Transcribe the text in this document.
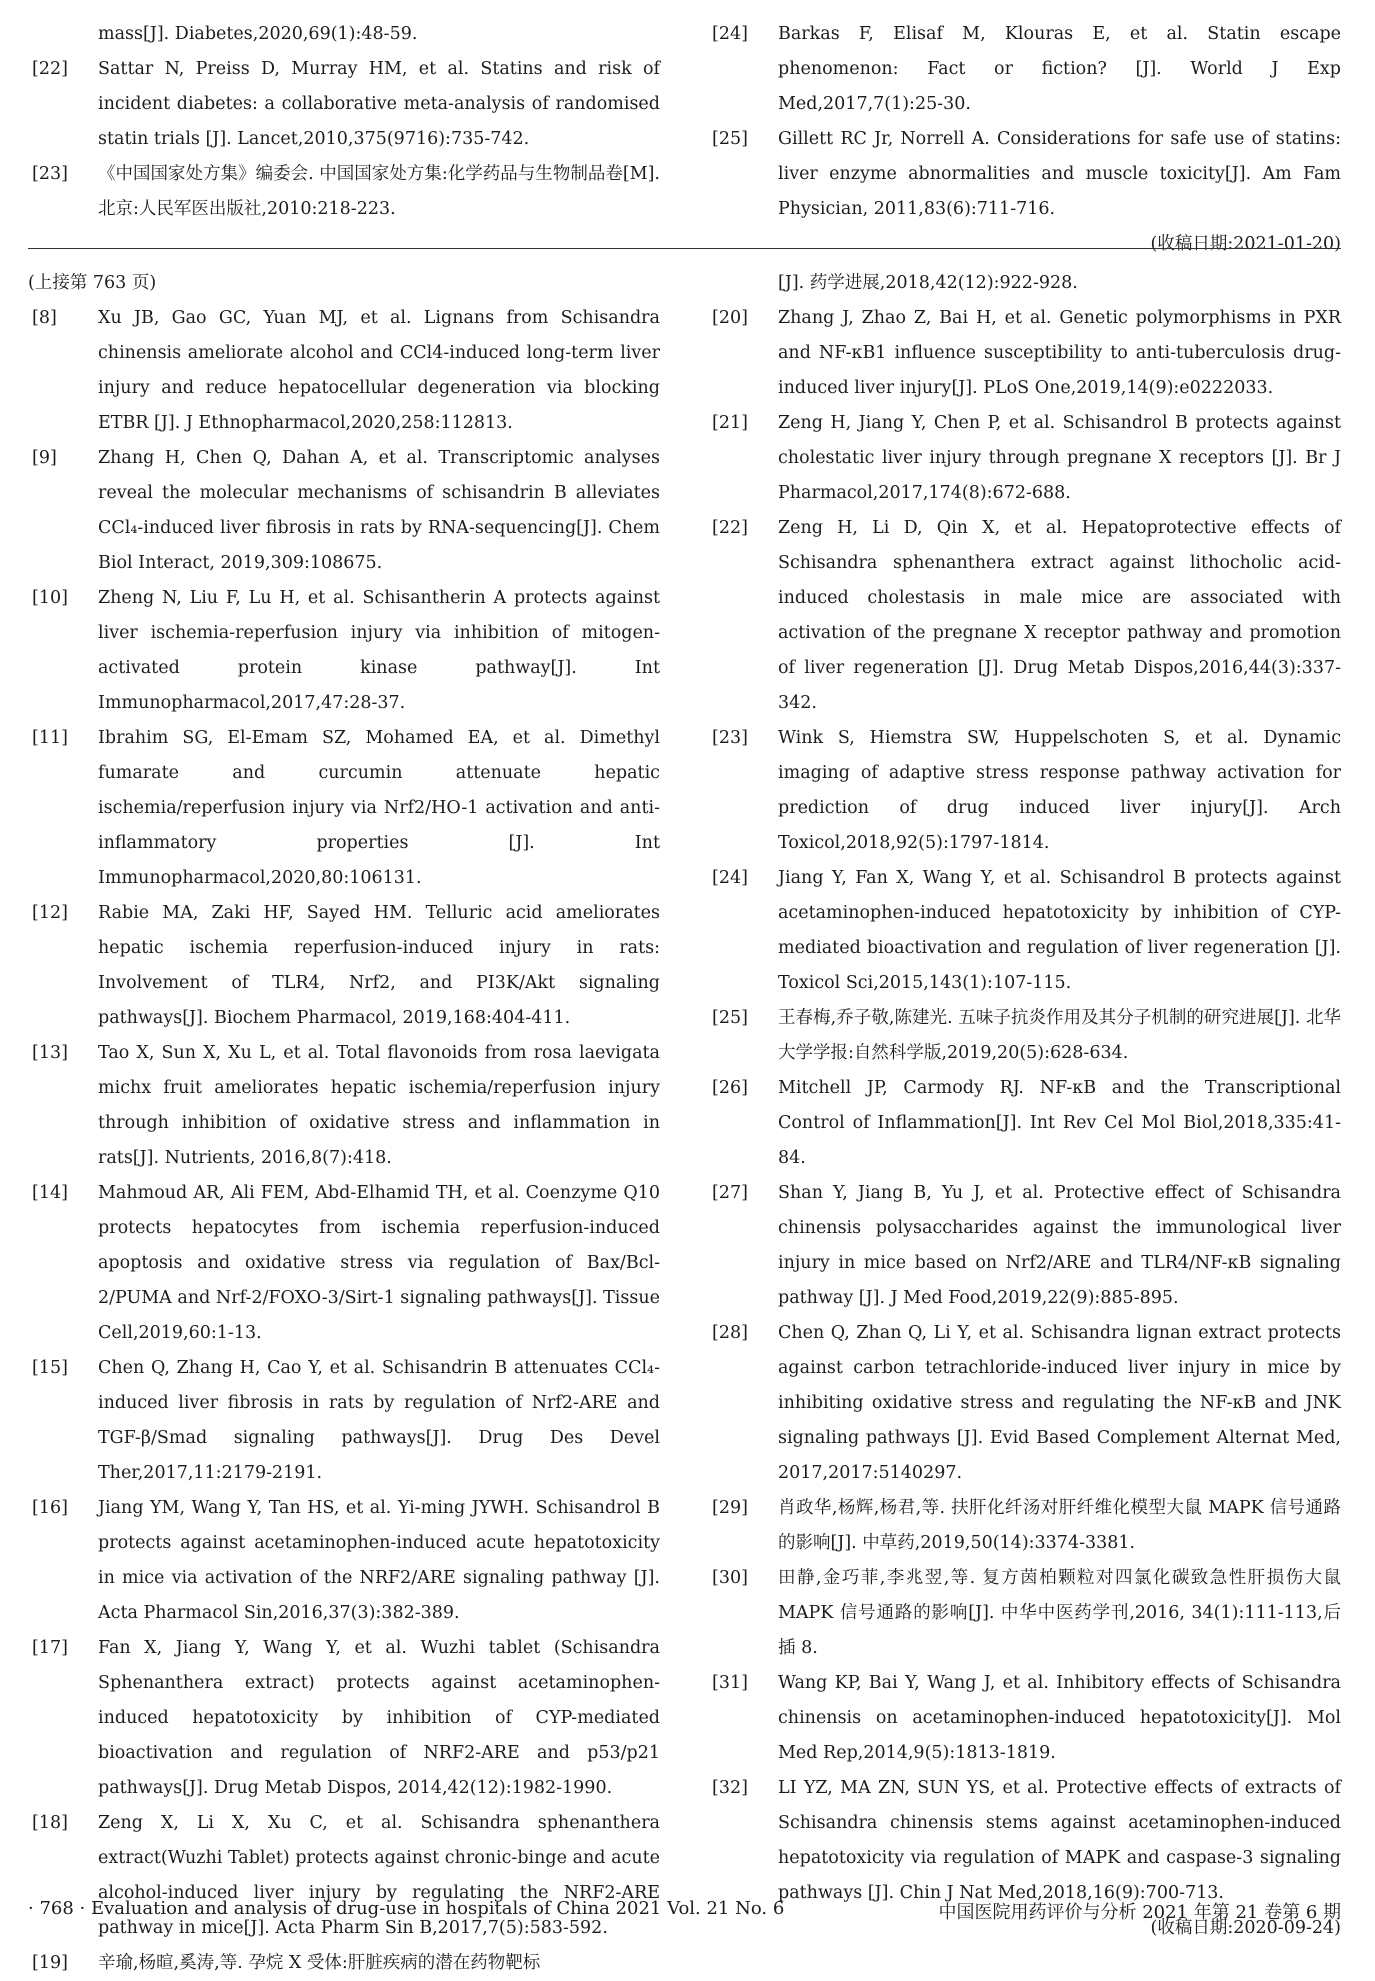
mass[J]. Diabetes,2020,69(1):48-59.
[22]	Sattar N, Preiss D, Murray HM, et al. Statins and risk of incident diabetes: a collaborative meta-analysis of randomised statin trials [J]. Lancet,2010,375(9716):735-742.
[23]	《中国国家处方集》编委会. 中国国家处方集:化学药品与生物制品卷[M]. 北京:人民军医出版社,2010:218-223.
[24]	Barkas F, Elisaf M, Klouras E, et al. Statin escape phenomenon: Fact or fiction? [J]. World J Exp Med,2017,7(1):25-30.
[25]	Gillett RC Jr, Norrell A. Considerations for safe use of statins: liver enzyme abnormalities and muscle toxicity[J]. Am Fam Physician, 2011,83(6):711-716.
(收稿日期:2021-01-20)
(上接第 763 页)
[8]	Xu JB, Gao GC, Yuan MJ, et al. Lignans from Schisandra chinensis ameliorate alcohol and CCl4-induced long-term liver injury and reduce hepatocellular degeneration via blocking ETBR [J]. J Ethnopharmacol,2020,258:112813.
[9]	Zhang H, Chen Q, Dahan A, et al. Transcriptomic analyses reveal the molecular mechanisms of schisandrin B alleviates CCl₄-induced liver fibrosis in rats by RNA-sequencing[J]. Chem Biol Interact, 2019,309:108675.
[10]	Zheng N, Liu F, Lu H, et al. Schisantherin A protects against liver ischemia-reperfusion injury via inhibition of mitogen-activated protein kinase pathway[J]. Int Immunopharmacol,2017,47:28-37.
[11]	Ibrahim SG, El-Emam SZ, Mohamed EA, et al. Dimethyl fumarate and curcumin attenuate hepatic ischemia/reperfusion injury via Nrf2/HO-1 activation and anti-inflammatory properties [J]. Int Immunopharmacol,2020,80:106131.
[12]	Rabie MA, Zaki HF, Sayed HM. Telluric acid ameliorates hepatic ischemia reperfusion-induced injury in rats: Involvement of TLR4, Nrf2, and PI3K/Akt signaling pathways[J]. Biochem Pharmacol, 2019,168:404-411.
[13]	Tao X, Sun X, Xu L, et al. Total flavonoids from rosa laevigata michx fruit ameliorates hepatic ischemia/reperfusion injury through inhibition of oxidative stress and inflammation in rats[J]. Nutrients, 2016,8(7):418.
[14]	Mahmoud AR, Ali FEM, Abd-Elhamid TH, et al. Coenzyme Q10 protects hepatocytes from ischemia reperfusion-induced apoptosis and oxidative stress via regulation of Bax/Bcl-2/PUMA and Nrf-2/FOXO-3/Sirt-1 signaling pathways[J]. Tissue Cell,2019,60:1-13.
[15]	Chen Q, Zhang H, Cao Y, et al. Schisandrin B attenuates CCl₄-induced liver fibrosis in rats by regulation of Nrf2-ARE and TGF-β/Smad signaling pathways[J]. Drug Des Devel Ther,2017,11:2179-2191.
[16]	Jiang YM, Wang Y, Tan HS, et al. Yi-ming JYWH. Schisandrol B protects against acetaminophen-induced acute hepatotoxicity in mice via activation of the NRF2/ARE signaling pathway [J]. Acta Pharmacol Sin,2016,37(3):382-389.
[17]	Fan X, Jiang Y, Wang Y, et al. Wuzhi tablet (Schisandra Sphenanthera extract) protects against acetaminophen-induced hepatotoxicity by inhibition of CYP-mediated bioactivation and regulation of NRF2-ARE and p53/p21 pathways[J]. Drug Metab Dispos, 2014,42(12):1982-1990.
[18]	Zeng X, Li X, Xu C, et al. Schisandra sphenanthera extract(Wuzhi Tablet) protects against chronic-binge and acute alcohol-induced liver injury by regulating the NRF2-ARE pathway in mice[J]. Acta Pharm Sin B,2017,7(5):583-592.
[19]	辛瑜,杨暄,奚涛,等. 孕烷 X 受体:肝脏疾病的潜在药物靶标
[J]. 药学进展,2018,42(12):922-928.
[20]	Zhang J, Zhao Z, Bai H, et al. Genetic polymorphisms in PXR and NF-κB1 influence susceptibility to anti-tuberculosis drug-induced liver injury[J]. PLoS One,2019,14(9):e0222033.
[21]	Zeng H, Jiang Y, Chen P, et al. Schisandrol B protects against cholestatic liver injury through pregnane X receptors [J]. Br J Pharmacol,2017,174(8):672-688.
[22]	Zeng H, Li D, Qin X, et al. Hepatoprotective effects of Schisandra sphenanthera extract against lithocholic acid-induced cholestasis in male mice are associated with activation of the pregnane X receptor pathway and promotion of liver regeneration [J]. Drug Metab Dispos,2016,44(3):337-342.
[23]	Wink S, Hiemstra SW, Huppelschoten S, et al. Dynamic imaging of adaptive stress response pathway activation for prediction of drug induced liver injury[J]. Arch Toxicol,2018,92(5):1797-1814.
[24]	Jiang Y, Fan X, Wang Y, et al. Schisandrol B protects against acetaminophen-induced hepatotoxicity by inhibition of CYP-mediated bioactivation and regulation of liver regeneration [J]. Toxicol Sci,2015,143(1):107-115.
[25]	王春梅,乔子敬,陈建光. 五味子抗炎作用及其分子机制的研究进展[J]. 北华大学学报:自然科学版,2019,20(5):628-634.
[26]	Mitchell JP, Carmody RJ. NF-κB and the Transcriptional Control of Inflammation[J]. Int Rev Cel Mol Biol,2018,335:41-84.
[27]	Shan Y, Jiang B, Yu J, et al. Protective effect of Schisandra chinensis polysaccharides against the immunological liver injury in mice based on Nrf2/ARE and TLR4/NF-κB signaling pathway [J]. J Med Food,2019,22(9):885-895.
[28]	Chen Q, Zhan Q, Li Y, et al. Schisandra lignan extract protects against carbon tetrachloride-induced liver injury in mice by inhibiting oxidative stress and regulating the NF-κB and JNK signaling pathways [J]. Evid Based Complement Alternat Med, 2017,2017:5140297.
[29]	肖政华,杨辉,杨君,等. 扶肝化纤汤对肝纤维化模型大鼠 MAPK 信号通路的影响[J]. 中草药,2019,50(14):3374-3381.
[30]	田静,金巧菲,李兆翌,等. 复方茵柏颗粒对四氯化碳致急性肝损伤大鼠 MAPK 信号通路的影响[J]. 中华中医药学刊,2016, 34(1):111-113,后插 8.
[31]	Wang KP, Bai Y, Wang J, et al. Inhibitory effects of Schisandra chinensis on acetaminophen-induced hepatotoxicity[J]. Mol Med Rep,2014,9(5):1813-1819.
[32]	LI YZ, MA ZN, SUN YS, et al. Protective effects of extracts of Schisandra chinensis stems against acetaminophen-induced hepatotoxicity via regulation of MAPK and caspase-3 signaling pathways [J]. Chin J Nat Med,2018,16(9):700-713.
(收稿日期:2020-09-24)
· 768 · Evaluation and analysis of drug-use in hospitals of China 2021 Vol. 21 No. 6	中国医院用药评价与分析 2021 年第 21 卷第 6 期
